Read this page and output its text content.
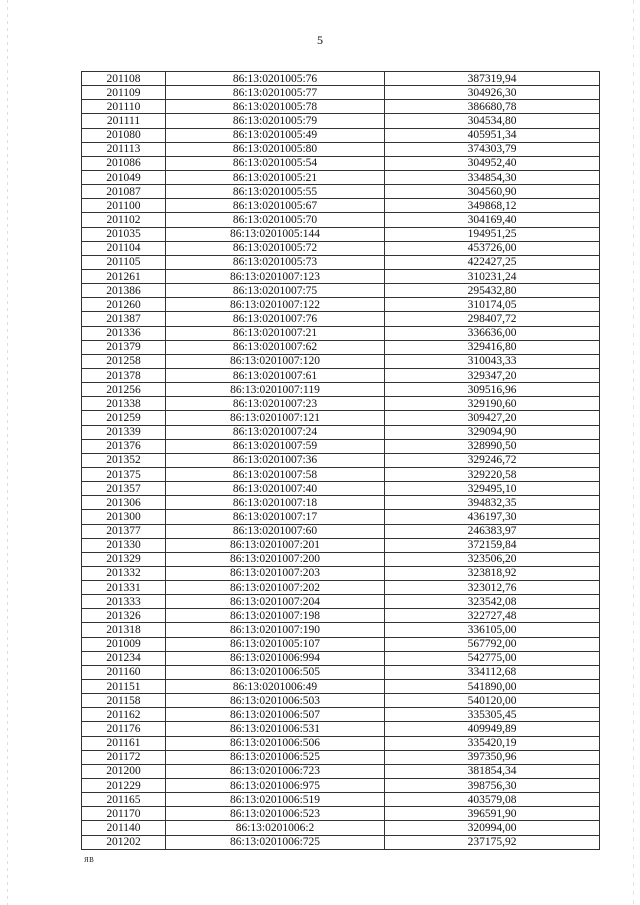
5
201108	86:13:0201005:76	387319,94
201109	86:13:0201005:77	304926,30
201110	86:13:0201005:78	386680,78
201111	86:13:0201005:79	304534,80
201080	86:13:0201005:49	405951,34
201113	86:13:0201005:80	374303,79
201086	86:13:0201005:54	304952,40
201049	86:13:0201005:21	334854,30
201087	86:13:0201005:55	304560,90
201100	86:13:0201005:67	349868,12
201102	86:13:0201005:70	304169,40
201035	86:13:0201005:144	194951,25
201104	86:13:0201005:72	453726,00
201105	86:13:0201005:73	422427,25
201261	86:13:0201007:123	310231,24
201386	86:13:0201007:75	295432,80
201260	86:13:0201007:122	310174,05
201387	86:13:0201007:76	298407,72
201336	86:13:0201007:21	336636,00
201379	86:13:0201007:62	329416,80
201258	86:13:0201007:120	310043,33
201378	86:13:0201007:61	329347,20
201256	86:13:0201007:119	309516,96
201338	86:13:0201007:23	329190,60
201259	86:13:0201007:121	309427,20
201339	86:13:0201007:24	329094,90
201376	86:13:0201007:59	328990,50
201352	86:13:0201007:36	329246,72
201375	86:13:0201007:58	329220,58
201357	86:13:0201007:40	329495,10
201306	86:13:0201007:18	394832,35
201300	86:13:0201007:17	436197,30
201377	86:13:0201007:60	246383,97
201330	86:13:0201007:201	372159,84
201329	86:13:0201007:200	323506,20
201332	86:13:0201007:203	323818,92
201331	86:13:0201007:202	323012,76
201333	86:13:0201007:204	323542,08
201326	86:13:0201007:198	322727,48
201318	86:13:0201007:190	336105,00
201009	86:13:0201005:107	567792,00
201234	86:13:0201006:994	542775,00
201160	86:13:0201006:505	334112,68
201151	86:13:0201006:49	541890,00
201158	86:13:0201006:503	540120,00
201162	86:13:0201006:507	335305,45
201176	86:13:0201006:531	409949,89
201161	86:13:0201006:506	335420,19
201172	86:13:0201006:525	397350,96
201200	86:13:0201006:723	381854,34
201229	86:13:0201006:975	398756,30
201165	86:13:0201006:519	403579,08
201170	86:13:0201006:523	396591,90
201140	86:13:0201006:2	320994,00
201202	86:13:0201006:725	237175,92
ЯВ
